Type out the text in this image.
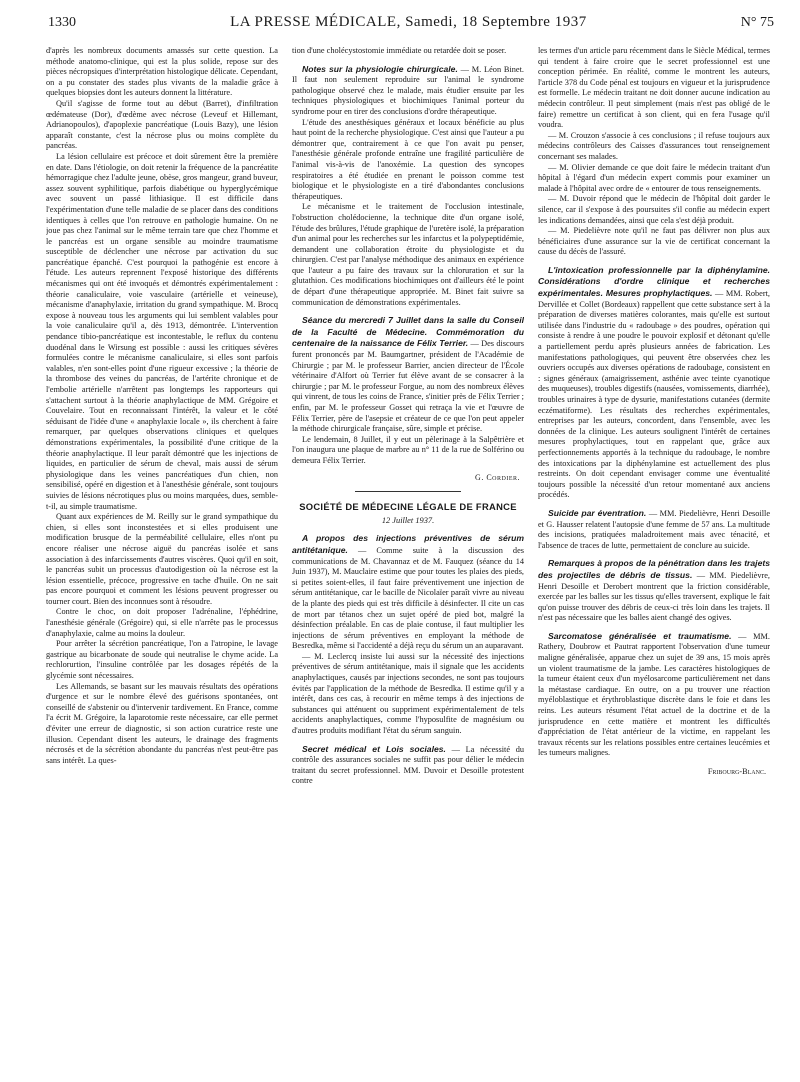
1330	LA PRESSE MÉDICALE, Samedi, 18 Septembre 1937	N° 75

d'après les nombreux documents amassés sur cette question. La méthode anatomo-clinique, qui est la plus solide, repose sur des pièces nécropsiques d'interprétation histologique délicate. Cependant, on a pu constater des stades plus vivants de la maladie grâce à quelques biopsies dont les auteurs donnent la littérature.

Qu'il s'agisse de forme tout au début (Barret), d'infiltration œdémateuse (Dor), d'œdème avec nécrose (Leveuf et Hillemant, Adrianopoulos), d'apoplexie pancréatique (Louis Bazy), une lésion apparaît constante, c'est la nécrose plus ou moins complète du pancréas.

La lésion cellulaire est précoce et doit sûrement être la première en date. Dans l'étiologie, on doit retenir la fréquence de la pancréatite hémorragique chez l'adulte jeune, obèse, gros mangeur, grand buveur, assez souvent syphilitique, parfois diabétique ou hyperglycémique avec souvent un passé lithiasique. Il est difficile dans l'expérimentation d'une telle maladie de se placer dans des conditions identiques à celles que l'on retrouve en pathologie humaine. On ne joue pas chez l'animal sur le même terrain tare que chez l'homme et le pancréas est un organe sensible au moindre traumatisme susceptible de déclencher une nécrose par activation du suc pancréatique épanché. C'est pourquoi la pathogénie est encore à l'étude. Les auteurs reprennent l'exposé historique des différents mécanismes qui ont été invoqués et démontrés expérimentalement : théorie canaliculaire, voie vasculaire (artérielle et veineuse), mécanisme d'anaphylaxie, irritation du grand sympathique. M. Brocq expose à nouveau tous les arguments qui lui semblent valables pour la voie canaliculaire qu'il a, dès 1913, démontrée. L'intervention pendance tibio-pancréatique est incontestable, le reflux du contenu duodénal dans le Wirsung est possible : aussi les critiques sévères formulées contre le mécanisme canaliculaire, si elles sont parfois valables, n'en sont-elles point d'une rigueur excessive ; la théorie de la thrombose des veines du pancréas, de l'artérite chronique et de l'embolie artérielle n'arrêtent pas longtemps les rapporteurs qui s'attachent surtout à la théorie anaphylactique de MM. Grégoire et Couvelaire. Tout en reconnaissant l'intérêt, la valeur et le côté séduisant de l'idée d'une « anaphylaxie locale », ils cherchent à faire remarquer, par quelques observations cliniques et quelques démonstrations expérimentales, la possibilité d'une critique de la théorie anaphylactique. Il leur paraît démontré que les injections de liquides, en particulier de sérum de cheval, mais aussi de sérum physiologique dans les veines pancréatiques d'un chien, non sensibilisé, opéré en digestion et à l'anesthésie générale, sont toujours suivies de lésions nécrotiques plus ou moins marquées, dues, semble-t-il, au simple traumatisme.

Quant aux expériences de M. Reilly sur le grand sympathique du chien, si elles sont inconstestées et si elles produisent une modification brusque de la perméabilité cellulaire, elles n'ont pu encore réaliser une nécrose aiguë du pancréas isolée et sans association à des infarcissements d'autres viscères. Quoi qu'il en soit, le pancréas subit un processus d'autodigestion où la nécrose est la lésion essentielle, précoce, progressive en tache d'huile. On ne sait pas encore pourquoi et comment les lésions peuvent progresser ou tourner court. Bien des inconnues sont à résoudre.

Contre le choc, on doit proposer l'adrénaline, l'éphédrine, l'anesthésie générale (Grégoire) qui, si elle n'arrête pas le processus d'anaphylaxie, calme au moins la douleur.

Pour arrêter la sécrétion pancréatique, l'on a l'atropine, le lavage gastrique au bicarbonate de soude qui neutralise le chyme acide. La rechlorurtion, l'insuline contrôlée par les dosages répétés de la glycémie sont nécessaires.

Les Allemands, se basant sur les mauvais résultats des opérations d'urgence et sur le nombre élevé des guérisons spontanées, ont conseillé de s'abstenir ou d'intervenir tardivement. En France, comme l'a écrit M. Grégoire, la laparotomie reste nécessaire, car elle permet d'éviter une erreur de diagnostic, si son action curatrice reste une illusion. Cependant disent les auteurs, le drainage des fragments nécrosés et de la sécrétion abondante du pancréas n'est peut-être pas sans intérêt. La ques-

tion d'une cholécystostomie immédiate ou retardée doit se poser.

Notes sur la physiologie chirurgicale. — M. Léon Binet. Il faut non seulement reproduire sur l'animal le syndrome pathologique observé chez le malade, mais étudier ensuite par les techniques physiologiques et biochimiques l'animal porteur du syndrome pour en tirer des conclusions d'ordre thérapeutique.

L'étude des anesthésiques généraux et locaux bénéficie au plus haut point de la recherche physiologique. C'est ainsi que l'auteur a pu démontrer que, contrairement à ce que l'on avait pu penser, l'anesthésie générale profonde entraîne une fragilité particulière de l'animal vis-à-vis de l'anoxémie. La question des syncopes respiratoires a été étudiée en prenant le poisson comme test biologique et le physiologiste en a tiré d'abondantes conclusions thérapeutiques.

Le mécanisme et le traitement de l'occlusion intestinale, l'obstruction cholédocienne, la technique dite d'un organe isolé, l'étude des brûlures, l'étude graphique de l'uretère isolé, la préparation d'un animal pour les recherches sur les infarctus et la polypeptidémie, demandent une collaboration étroite du physiologiste et du chirurgien. C'est par l'analyse méthodique des animaux en expérience que l'auteur a pu faire des travaux sur la chloruration et sur la glutathion. Ces modifications biochimiques ont d'ailleurs été le point de départ d'une thérapeutique appropriée. M. Binet fait suivre sa communication de démonstrations expérimentales.

Séance du mercredi 7 Juillet dans la salle du Conseil de la Faculté de Médecine. Commémoration du centenaire de la naissance de Félix Terrier. — Des discours furent prononcés par M. Baumgartner, président de l'Académie de Chirurgie ; par M. le professeur Barrier, ancien directeur de l'École vétérinaire d'Alfort où Terrier fut élève avant de se consacrer à la chirurgie ; par M. le professeur Forgue, au nom des nombreux élèves qui vinrent, de tous les coins de France, s'initier près de Félix Terrier ; enfin, par M. le professeur Gosset qui retraça la vie et l'œuvre de Félix Terrier, père de l'asepsie et créateur de ce que l'on peut appeler la méthode chirurgicale française, sûre, simple et précise.

Le lendemain, 8 Juillet, il y eut un pèlerinage à la Salpêtrière et l'on inaugura une plaque de marbre au n° 11 de la rue de Solférino ou demeura Félix Terrier.

G. Cordier.
SOCIÉTÉ DE MÉDECINE LÉGALE DE FRANCE
12 Juillet 1937.

A propos des injections préventives de sérum antitétanique. — Comme suite à la discussion des communications de M. Chavannaz et de M. Fauquez (séance du 14 Juin 1937), M. Mauclaire estime que pour toutes les plaies des pieds, si petites soient-elles, il faut faire préventivement une injection de sérum antitétanique, car le bacille de Nicolaïer paraît vivre au niveau de la plante des pieds qui est très difficile à désinfecter. Il cite un cas de mort par tétanos chez un sujet opéré de pied bot, malgré la désinfection préalable. En cas de plaie contuse, il faut multiplier les injections de sérum préventives en employant la méthode de Besredka, même si l'accidenté a déjà reçu du sérum un an auparavant.

— M. Leclercq insiste lui aussi sur la nécessité des injections préventives de sérum antitétanique, mais il signale que les accidents anaphylactiques, causés par injections secondes, ne sont pas toujours évités par l'application de la méthode de Besredka. Il estime qu'il y a intérêt, dans ces cas, à recourir en même temps à des injections de substances qui atténuent ou suppriment expérimentalement de tels accidents anaphylactiques, comme l'hyposulfite de magnésium ou d'autres produits modifiant l'état du sérum sanguin.

Secret médical et Lois sociales. — La nécessité du contrôle des assurances sociales ne suffit pas pour délier le médecin traitant du secret professionnel. MM. Duvoir et Desoille protestent contre

les termes d'un article paru récemment dans le Siècle Médical, termes qui tendent à faire croire que le secret professionnel est une conception périmée. En réalité, comme le montrent les auteurs, l'article 378 du Code pénal est toujours en vigueur et la jurisprudence est formelle. Le médecin traitant ne doit donner aucune indication au médecin contrôleur. Il peut simplement (mais n'est pas obligé de le faire) remettre un certificat à son client, qui en fera l'usage qu'il voudra.

— M. Crouzon s'associe à ces conclusions ; il refuse toujours aux médecins contrôleurs des Caisses d'assurances tout renseignement concernant ses malades.

— M. Olivier demande ce que doit faire le médecin traitant d'un hôpital à l'égard d'un médecin expert commis pour examiner un malade à l'hôpital avec ordre de « entourer de tous renseignements.

— M. Duvoir répond que le médecin de l'hôpital doit garder le silence, car il s'expose à des poursuites s'il confie au médecin expert les indications demandées, ainsi que cela s'est déjà produit.

— M. Piedelièvre note qu'il ne faut pas délivrer non plus aux bénéficiaires d'une assurance sur la vie de certificat concernant la cause du décès de l'assuré.

L'intoxication professionnelle par la diphénylamine. Considérations d'ordre clinique et recherches expérimentales. Mesures prophylactiques. — MM. Robert, Dervillée et Collet (Bordeaux) rappellent que cette substance sert à la préparation de diverses matières colorantes, mais qu'elle est surtout utilisée dans l'industrie du « radoubage » des poudres, opération qui consiste à rendre à une poudre le pouvoir explosif et détonant qu'elle a partiellement perdu après plusieurs années de fabrication. Les manifestations pathologiques, qui peuvent être observées chez les ouvriers occupés aux diverses opérations de radoubage, consistent en : signes généraux (amaigrissement, asthénie avec teinte cyanotique des muqueuses), troubles digestifs (nausées, vomissements, diarrhée), troubles urinaires à type de dysurie, manifestations cutanées (dermite eczématiforme). Les résultats des recherches expérimentales, entreprises par les auteurs, concordent, dans l'ensemble, avec les données de la clinique. Les auteurs soulignent l'intérêt de certaines mesures prophylactiques, tout en rappelant que, grâce aux perfectionnements apportés à la technique du radoubage, le nombre des intoxications par la diphénylamine est actuellement des plus restreints. On doit cependant envisager comme une éventualité toujours possible la nécessité d'un retour momentané aux anciens procédés.

Suicide par éventration. — MM. Piedelièvre, Henri Desoille et G. Hausser relatent l'autopsie d'une femme de 57 ans. La multitude des incisions, pratiquées maladroitement mais avec ténacité, et l'absence de traces de lutte, permettaient de conclure au suicide.

Remarques à propos de la pénétration dans les trajets des projectiles de débris de tissus. — MM. Piedelièvre, Henri Desoille et Derobert montrent que la friction considérable, exercée par les balles sur les tissus qu'elles traversent, explique le fait qu'on puisse trouver des débris de ceux-ci très loin dans les trajets. Il n'est pas nécessaire que les balles aient changé des ogives.

Sarcomatose généralisée et traumatisme. — MM. Rathery, Doubrow et Pautrat rapportent l'observation d'une tumeur maligne généralisée, apparue chez un sujet de 39 ans, 15 mois après un violent traumatisme de la jambe. Les caractères histologiques de la tumeur étaient ceux d'un myélosarcome particulièrement net dans la métastase cardiaque. En outre, on a pu trouver une réaction myéloblastique et érythroblastique discrète dans le foie et dans les reins. Les auteurs résument l'état actuel de la doctrine et de la jurisprudence en cette matière et montrent les difficultés d'appréciation de l'état antérieur de la victime, en rappelant les travaux récents sur les relations possibles entre certaines leucémies et les tumeurs malignes.

Fribourg-Blanc.
